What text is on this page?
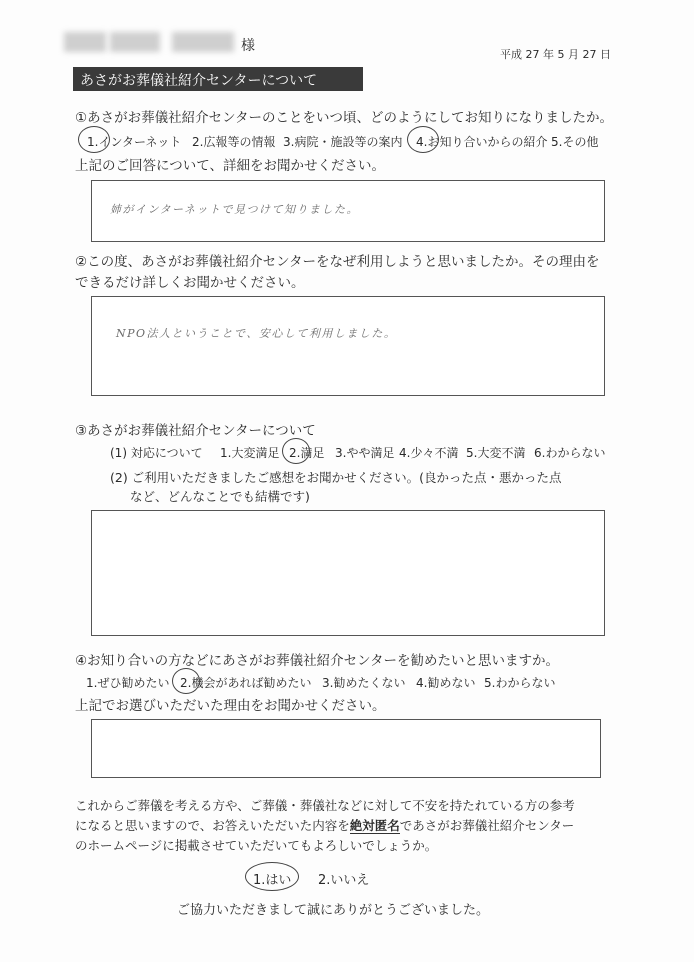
様
平成 27 年 5 月 27 日
あさがお葬儀社紹介センターについて
①あさがお葬儀社紹介センターのことをいつ頃、どのようにしてお知りになりましたか。
1.インターネット 2.広報等の情報 3.病院・施設等の案内 4.お知り合いからの紹介 5.その他
上記のご回答について、詳細をお聞かせください。
姉がインターネットで見つけて知りました。
②この度、あさがお葬儀社紹介センターをなぜ利用しようと思いましたか。その理由を
できるだけ詳しくお聞かせください。
NPO法人ということで、安心して利用しました。
③あさがお葬儀社紹介センターについて
(1) 対応について 1.大変満足 2.満足 3.やや満足 4.少々不満 5.大変不満 6.わからない
(2) ご利用いただきましたご感想をお聞かせください。(良かった点・悪かった点
など、どんなことでも結構です)
④お知り合いの方などにあさがお葬儀社紹介センターを勧めたいと思いますか。
1.ぜひ勧めたい 2.機会があれば勧めたい 3.勧めたくない 4.勧めない 5.わからない
上記でお選びいただいた理由をお聞かせください。
これからご葬儀を考える方や、ご葬儀・葬儀社などに対して不安を持たれている方の参考
になると思いますので、お答えいただいた内容を絶対匿名であさがお葬儀社紹介センター
のホームページに掲載させていただいてもよろしいでしょうか。
1.はい 2.いいえ
ご協力いただきまして誠にありがとうございました。
